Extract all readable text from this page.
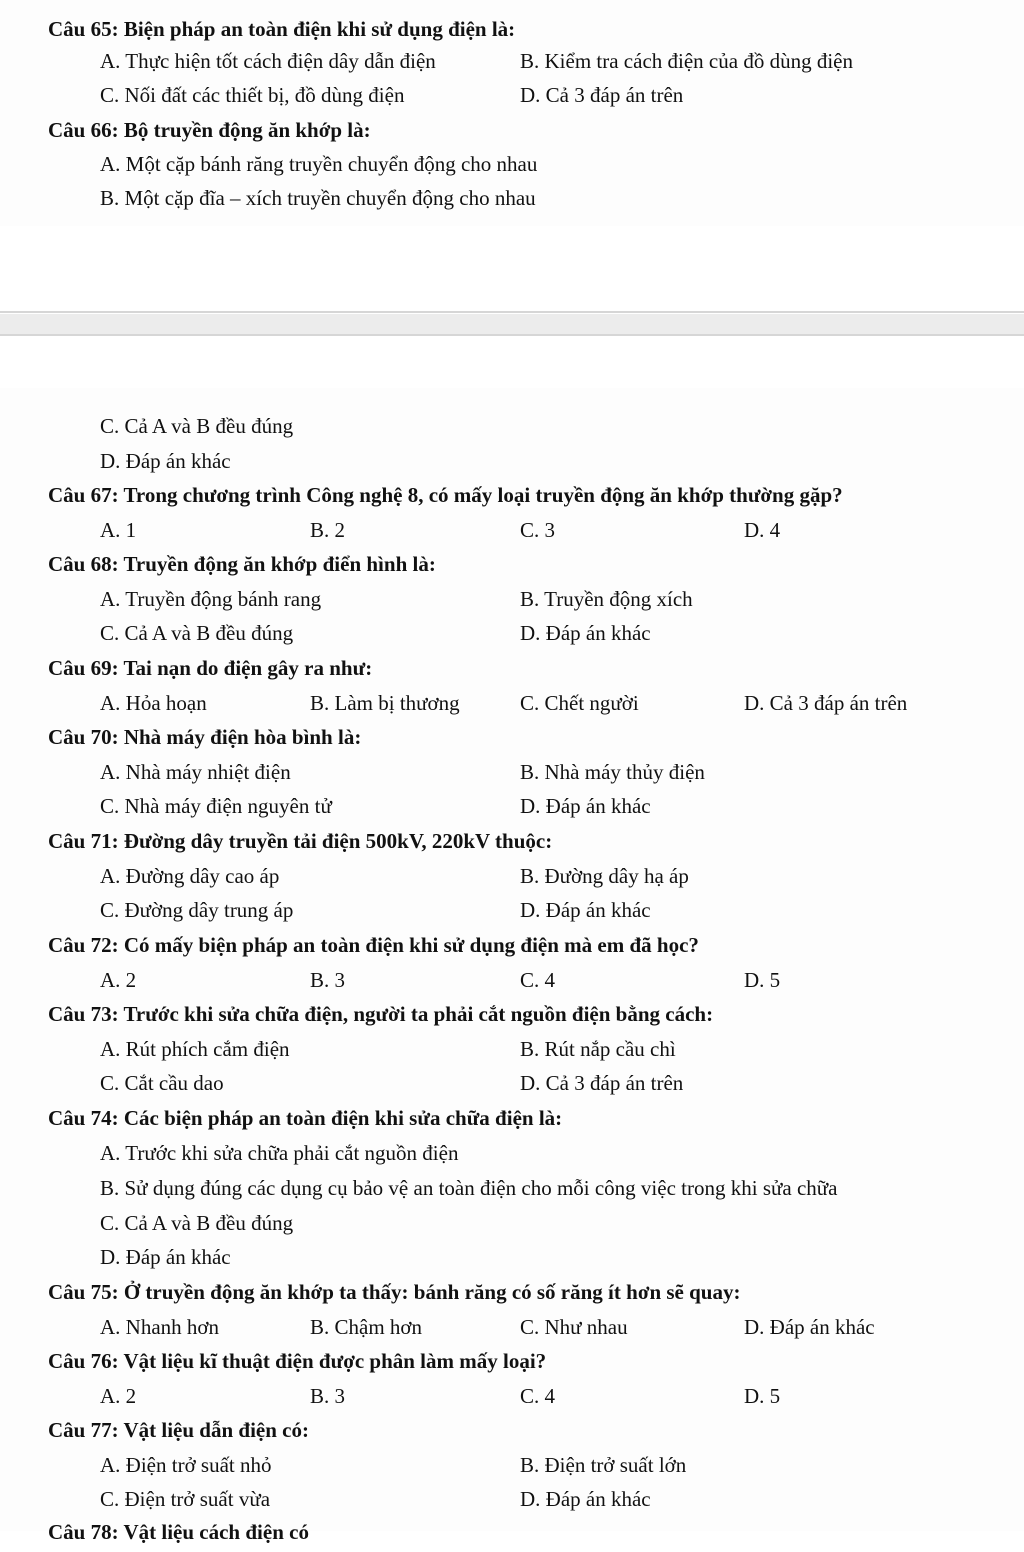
Câu 65: Biện pháp an toàn điện khi sử dụng điện là:
A. Thực hiện tốt cách điện dây dẫn điện	B. Kiểm tra cách điện của đồ dùng điện
C. Nối đất các thiết bị, đồ dùng điện	D. Cả 3 đáp án trên
Câu 66: Bộ truyền động ăn khớp là:
A. Một cặp bánh răng truyền chuyển động cho nhau
B. Một cặp đĩa – xích truyền chuyển động cho nhau
C. Cả A và B đều đúng
D. Đáp án khác
Câu 67: Trong chương trình Công nghệ 8, có mấy loại truyền động ăn khớp thường gặp?
A. 1	B. 2	C. 3	D. 4
Câu 68: Truyền động ăn khớp điển hình là:
A. Truyền động bánh rang	B. Truyền động xích
C. Cả A và B đều đúng	D. Đáp án khác
Câu 69: Tai nạn do điện gây ra như:
A. Hỏa hoạn	B. Làm bị thương	C. Chết người	D. Cả 3 đáp án trên
Câu 70: Nhà máy điện hòa bình là:
A. Nhà máy nhiệt điện	B. Nhà máy thủy điện
C. Nhà máy điện nguyên tử	D. Đáp án khác
Câu 71: Đường dây truyền tải điện 500kV, 220kV thuộc:
A. Đường dây cao áp	B. Đường dây hạ áp
C. Đường dây trung áp	D. Đáp án khác
Câu 72: Có mấy biện pháp an toàn điện khi sử dụng điện mà em đã học?
A. 2	B. 3	C. 4	D. 5
Câu 73: Trước khi sửa chữa điện, người ta phải cắt nguồn điện bằng cách:
A. Rút phích cắm điện	B. Rút nắp cầu chì
C. Cắt cầu dao	D. Cả 3 đáp án trên
Câu 74: Các biện pháp an toàn điện khi sửa chữa điện là:
A. Trước khi sửa chữa phải cắt nguồn điện
B. Sử dụng đúng các dụng cụ bảo vệ an toàn điện cho mỗi công việc trong khi sửa chữa
C. Cả A và B đều đúng
D. Đáp án khác
Câu 75: Ở truyền động ăn khớp ta thấy: bánh răng có số răng ít hơn sẽ quay:
A. Nhanh hơn	B. Chậm hơn	C. Như nhau	D. Đáp án khác
Câu 76: Vật liệu kĩ thuật điện được phân làm mấy loại?
A. 2	B. 3	C. 4	D. 5
Câu 77: Vật liệu dẫn điện có:
A. Điện trở suất nhỏ	B. Điện trở suất lớn
C. Điện trở suất vừa	D. Đáp án khác
Câu 78: Vật liệu cách điện có
